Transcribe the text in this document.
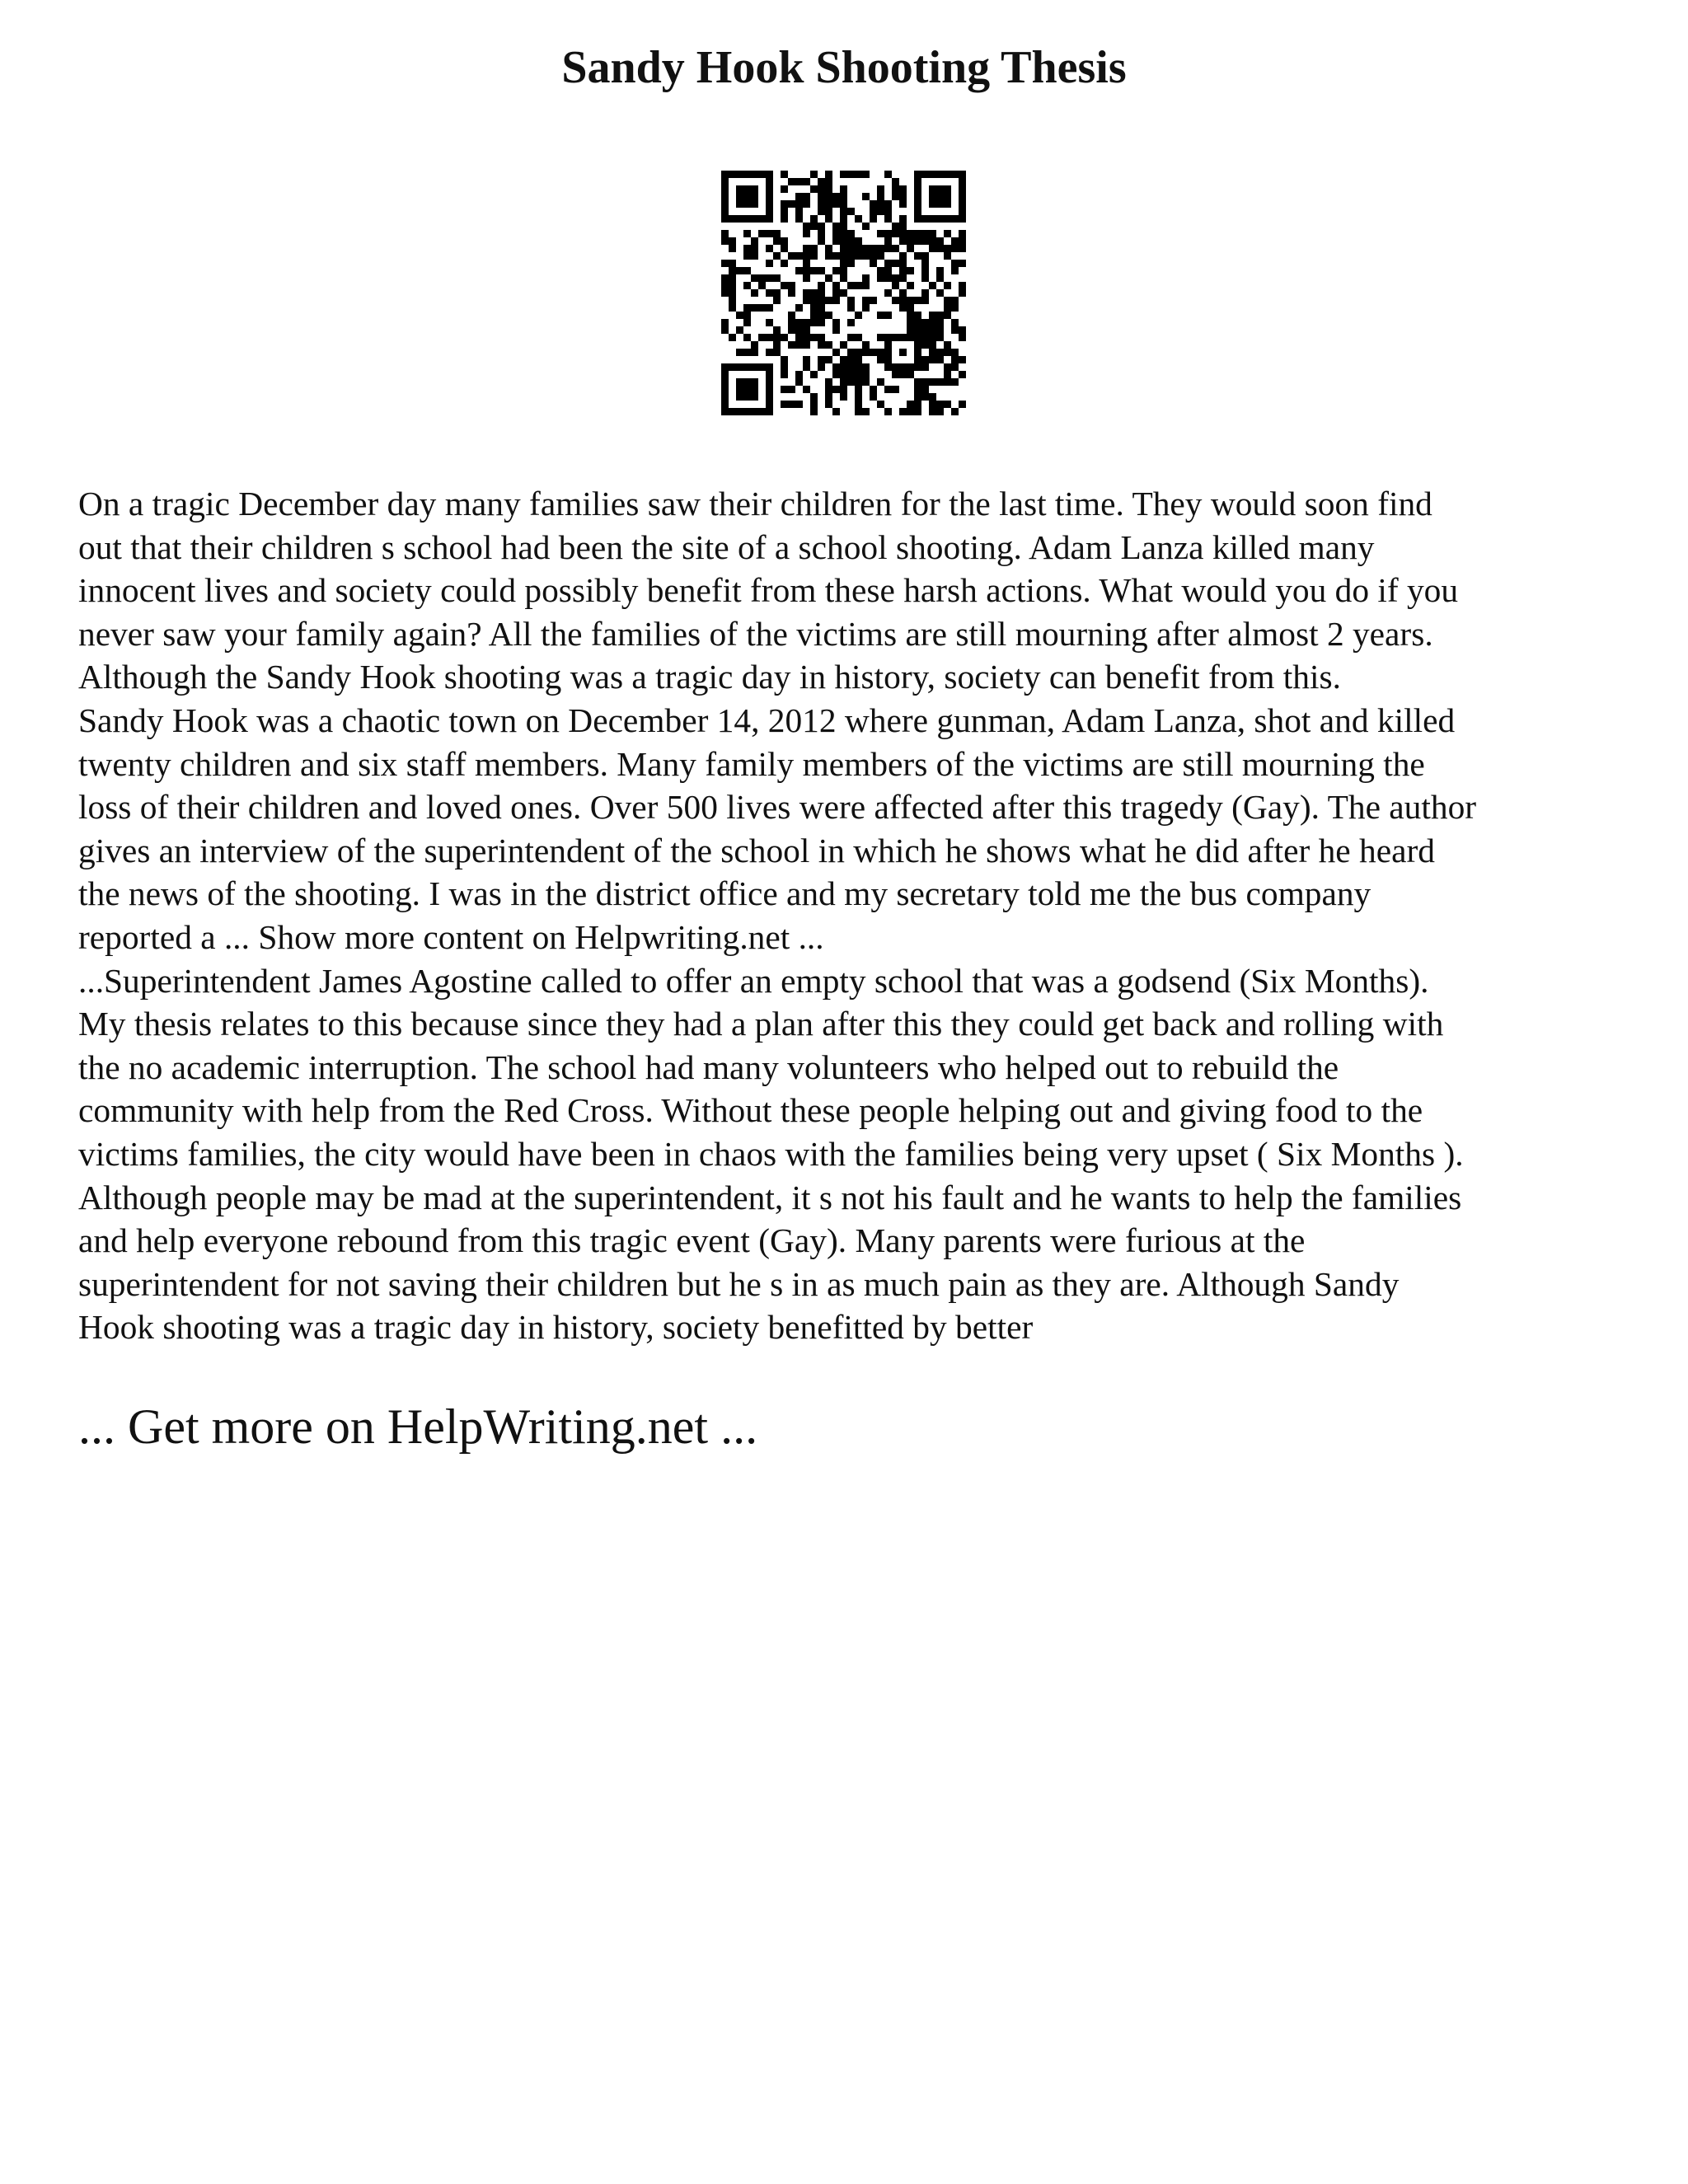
Sandy Hook Shooting Thesis
On a tragic December day many families saw their children for the last time. They would soon find
out that their children s school had been the site of a school shooting. Adam Lanza killed many
innocent lives and society could possibly benefit from these harsh actions. What would you do if you
never saw your family again? All the families of the victims are still mourning after almost 2 years.
Although the Sandy Hook shooting was a tragic day in history, society can benefit from this.
Sandy Hook was a chaotic town on December 14, 2012 where gunman, Adam Lanza, shot and killed
twenty children and six staff members. Many family members of the victims are still mourning the
loss of their children and loved ones. Over 500 lives were affected after this tragedy (Gay). The author
gives an interview of the superintendent of the school in which he shows what he did after he heard
the news of the shooting. I was in the district office and my secretary told me the bus company
reported a ... Show more content on Helpwriting.net ...
...Superintendent James Agostine called to offer an empty school that was a godsend (Six Months).
My thesis relates to this because since they had a plan after this they could get back and rolling with
the no academic interruption. The school had many volunteers who helped out to rebuild the
community with help from the Red Cross. Without these people helping out and giving food to the
victims families, the city would have been in chaos with the families being very upset ( Six Months ).
Although people may be mad at the superintendent, it s not his fault and he wants to help the families
and help everyone rebound from this tragic event (Gay). Many parents were furious at the
superintendent for not saving their children but he s in as much pain as they are. Although Sandy
Hook shooting was a tragic day in history, society benefitted by better
... Get more on HelpWriting.net ...
